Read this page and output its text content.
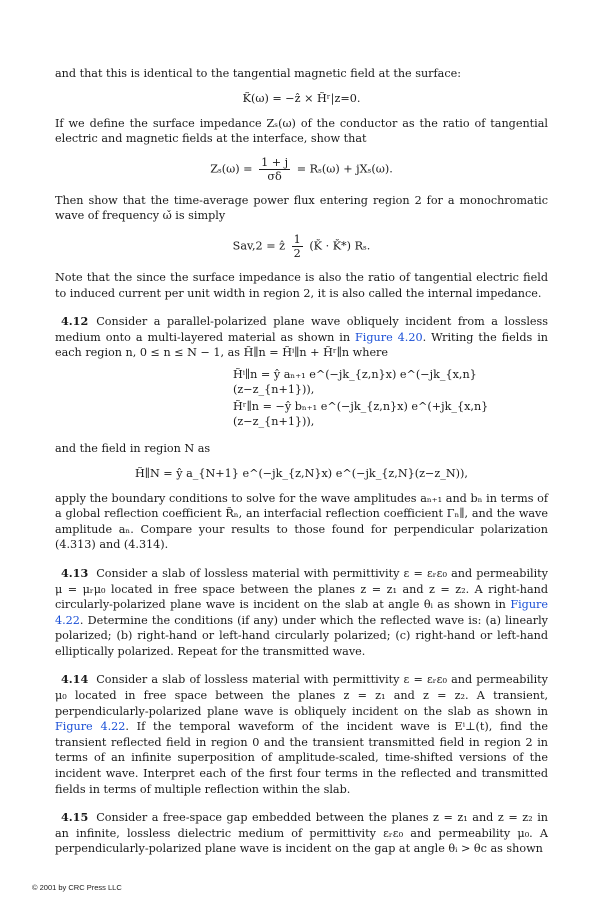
and that this is identical to the tangential magnetic field at the surface:

K̃(ω) = −ẑ × H̃ʳ|z=0.

If we define the surface impedance Zₛ(ω) of the conductor as the ratio of tangential electric and magnetic fields at the interface, show that

$Z_s(\omega) = \frac{1 + j}{\sigma\delta} = R_s(\omega) + jX_s(\omega)$.

Then show that the time-average power flux entering region 2 for a monochromatic wave of frequency ω̌ is simply

Sav,2 = ẑ $\frac{1}{2}$ (Ǩ · Ǩ*) Rₛ.

Note that the since the surface impedance is also the ratio of tangential electric field to induced current per unit width in region 2, it is also called the internal impedance.

4.12 Consider a parallel-polarized plane wave obliquely incident from a lossless medium onto a multi-layered material as shown in Figure 4.20. Writing the fields in each region n, 0 ≤ n ≤ N − 1, as H̃∥n = H̃ⁱ∥n + H̃ʳ∥n where

H̃ⁱ∥n = ŷ aₙ₊₁ e^(−jk_{z,n}x) e^(−jk_{x,n}(z−z_{n+1})),
H̃ʳ∥n = −ŷ bₙ₊₁ e^(−jk_{z,n}x) e^(+jk_{x,n}(z−z_{n+1})),

and the field in region N as

H̃∥N = ŷ a_{N+1} e^(−jk_{z,N}x) e^(−jk_{z,N}(z−z_N)),

apply the boundary conditions to solve for the wave amplitudes aₙ₊₁ and bₙ in terms of a global reflection coefficient R̃ₙ, an interfacial reflection coefficient Γₙ∥, and the wave amplitude aₙ. Compare your results to those found for perpendicular polarization (4.313) and (4.314).

4.13 Consider a slab of lossless material with permittivity ε = εᵣε₀ and permeability μ = μᵣμ₀ located in free space between the planes z = z₁ and z = z₂. A right-hand circularly-polarized plane wave is incident on the slab at angle θᵢ as shown in Figure 4.22. Determine the conditions (if any) under which the reflected wave is: (a) linearly polarized; (b) right-hand or left-hand circularly polarized; (c) right-hand or left-hand elliptically polarized. Repeat for the transmitted wave.

4.14 Consider a slab of lossless material with permittivity ε = εᵣε₀ and permeability μ₀ located in free space between the planes z = z₁ and z = z₂. A transient, perpendicularly-polarized plane wave is obliquely incident on the slab as shown in Figure 4.22. If the temporal waveform of the incident wave is Eⁱ⊥(t), find the transient reflected field in region 0 and the transient transmitted field in region 2 in terms of an infinite superposition of amplitude-scaled, time-shifted versions of the incident wave. Interpret each of the first four terms in the reflected and transmitted fields in terms of multiple reflection within the slab.

4.15 Consider a free-space gap embedded between the planes z = z₁ and z = z₂ in an infinite, lossless dielectric medium of permittivity εᵣε₀ and permeability μ₀. A perpendicularly-polarized plane wave is incident on the gap at angle θᵢ > θc as shown

© 2001 by CRC Press LLC
